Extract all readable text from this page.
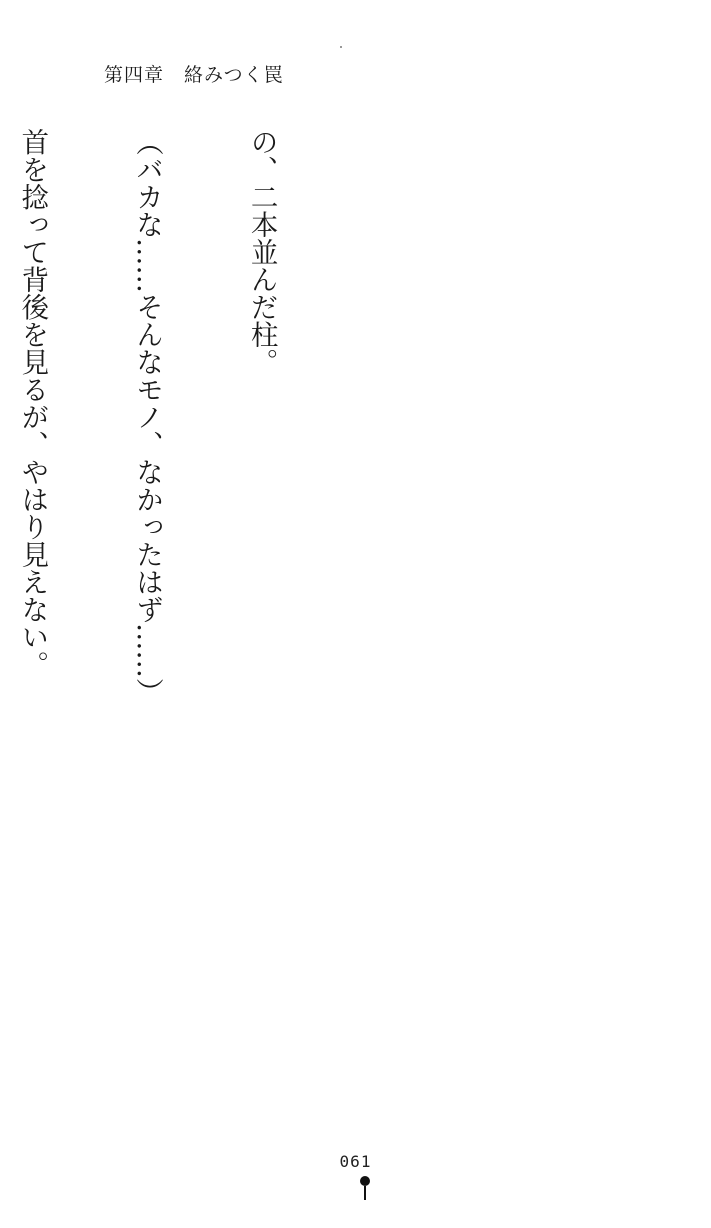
第四章 絡みつく罠

の、二本並んだ柱。

（バカな……そんなモノ、なかったはず……）

首を捻って背後を見るが、やはり見えない。

061
